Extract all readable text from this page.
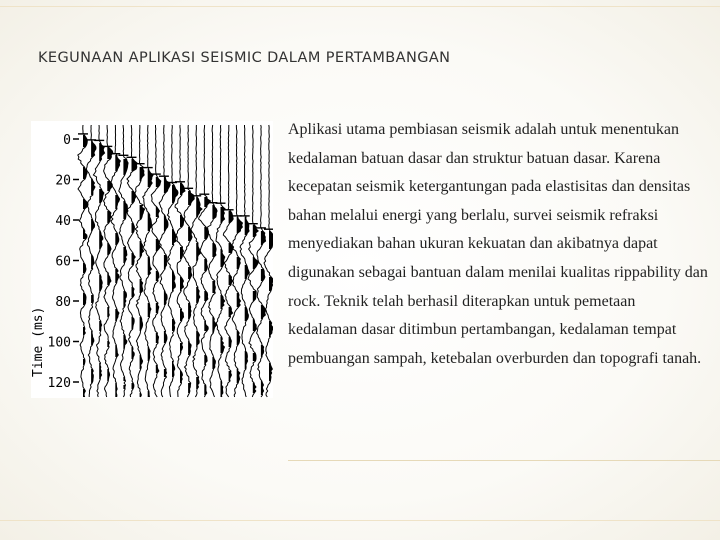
KEGUNAAN APLIKASI SEISMIC DALAM PERTAMBANGAN
Time (ms)
0
20
40
60
80
100
120

Aplikasi utama pembiasan seismik adalah untuk menentukan kedalaman batuan dasar dan struktur batuan dasar. Karena kecepatan seismik ketergantungan pada elastisitas dan densitas bahan melalui energi yang berlalu, survei seismik refraksi menyediakan bahan ukuran kekuatan dan akibatnya dapat digunakan sebagai bantuan dalam menilai kualitas rippability dan rock. Teknik telah berhasil diterapkan untuk pemetaan kedalaman dasar ditimbun pertambangan, kedalaman tempat pembuangan sampah, ketebalan overburden dan topografi tanah.
